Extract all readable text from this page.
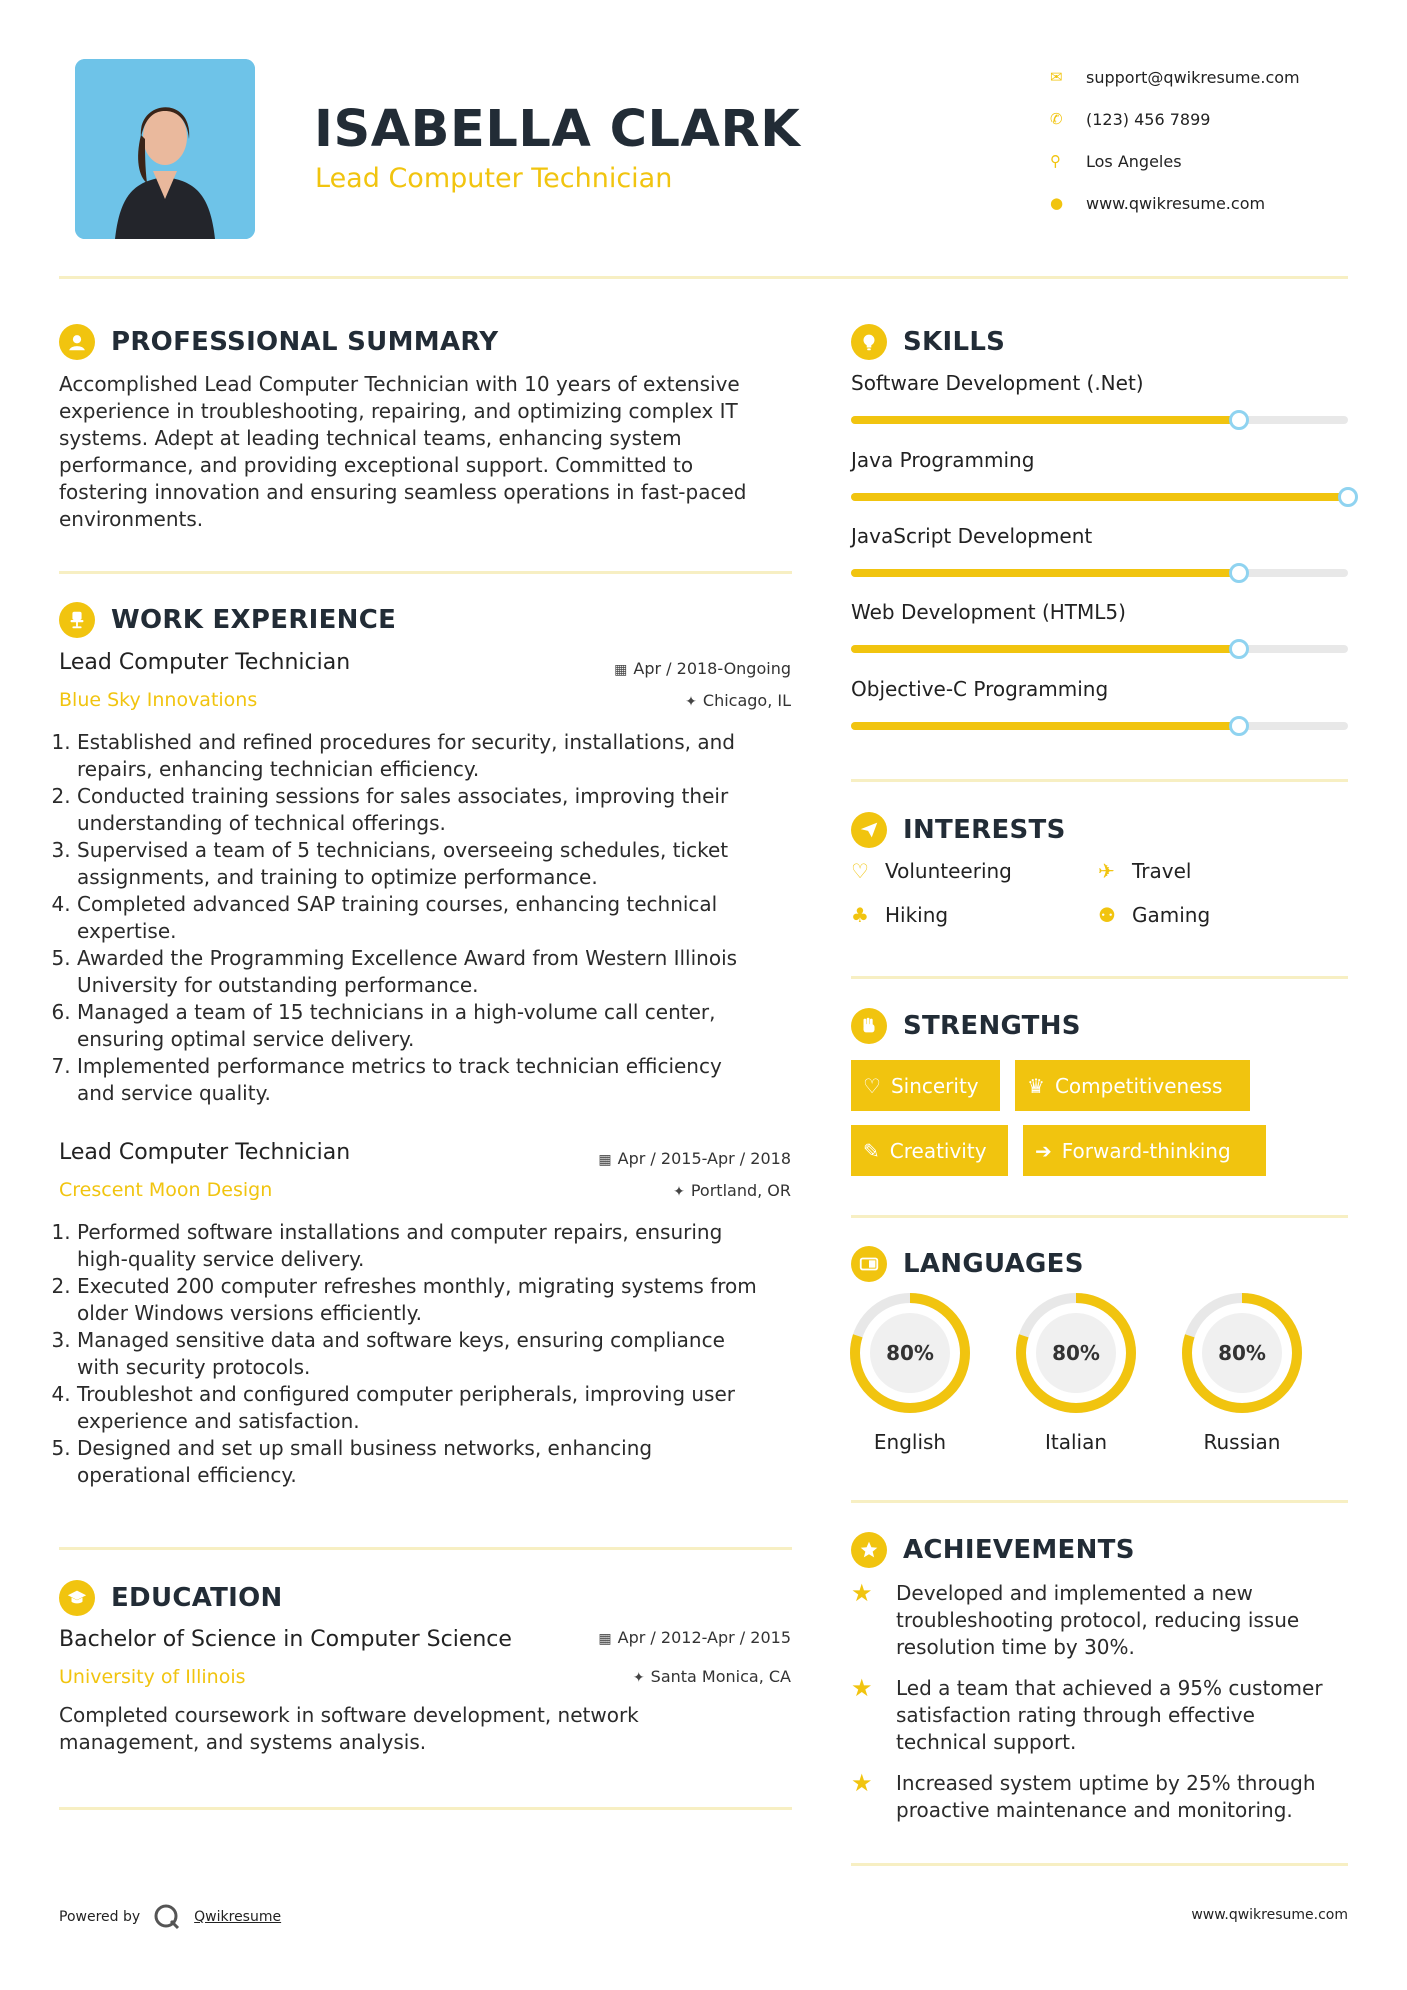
ISABELLA CLARK
Lead Computer Technician
✉	support@qwikresume.com
✆	(123) 456 7899
⚲	Los Angeles
●	www.qwikresume.com
PROFESSIONAL SUMMARY
Accomplished Lead Computer Technician with 10 years of extensive
experience in troubleshooting, repairing, and optimizing complex IT
systems. Adept at leading technical teams, enhancing system
performance, and providing exceptional support. Committed to
fostering innovation and ensuring seamless operations in fast-paced
environments.
WORK EXPERIENCE
Lead Computer Technician
Blue Sky Innovations
▦ Apr / 2018-Ongoing
✦ Chicago, IL
1. Established and refined procedures for security, installations, and
repairs, enhancing technician efficiency.
2. Conducted training sessions for sales associates, improving their
understanding of technical offerings.
3. Supervised a team of 5 technicians, overseeing schedules, ticket
assignments, and training to optimize performance.
4. Completed advanced SAP training courses, enhancing technical
expertise.
5. Awarded the Programming Excellence Award from Western Illinois
University for outstanding performance.
6. Managed a team of 15 technicians in a high-volume call center,
ensuring optimal service delivery.
7. Implemented performance metrics to track technician efficiency
and service quality.
Lead Computer Technician
Crescent Moon Design
▦ Apr / 2015-Apr / 2018
✦ Portland, OR
1. Performed software installations and computer repairs, ensuring
high-quality service delivery.
2. Executed 200 computer refreshes monthly, migrating systems from
older Windows versions efficiently.
3. Managed sensitive data and software keys, ensuring compliance
with security protocols.
4. Troubleshot and configured computer peripherals, improving user
experience and satisfaction.
5. Designed and set up small business networks, enhancing
operational efficiency.
EDUCATION
Bachelor of Science in Computer Science
University of Illinois
▦ Apr / 2012-Apr / 2015
✦ Santa Monica, CA
Completed coursework in software development, network
management, and systems analysis.
SKILLS
Software Development (.Net)
Java Programming
JavaScript Development
Web Development (HTML5)
Objective-C Programming
INTERESTS
♡ Volunteering	✈ Travel
♣ Hiking	⚉ Gaming
STRENGTHS
♡ Sincerity ♛ Competitiveness
✎ Creativity ➔ Forward-thinking
LANGUAGES
80%
English
80%
Italian
80%
Russian
ACHIEVEMENTS
★	Developed and implemented a new
troubleshooting protocol, reducing issue
resolution time by 30%.
★	Led a team that achieved a 95% customer
satisfaction rating through effective
technical support.
★	Increased system uptime by 25% through
proactive maintenance and monitoring.
Powered by	Qwikresume	www.qwikresume.com
